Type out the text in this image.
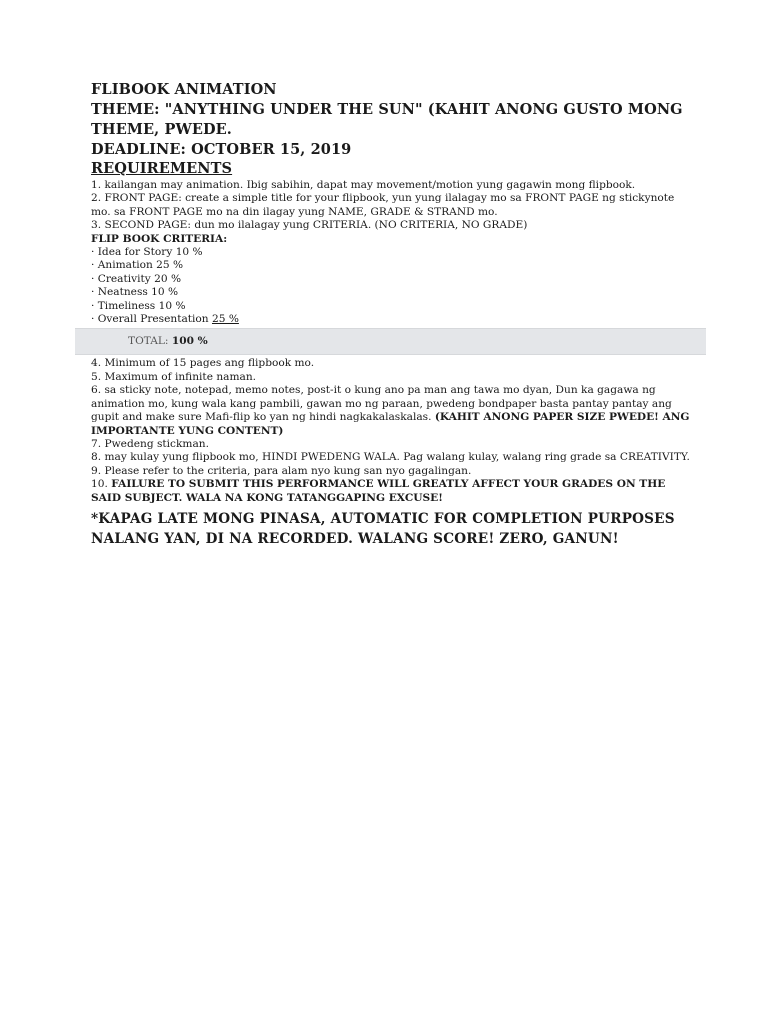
FLIBOOK ANIMATION

THEME: "ANYTHING UNDER THE SUN" (KAHIT ANONG GUSTO MONG THEME, PWEDE.

DEADLINE: OCTOBER 15, 2019

REQUIREMENTS

1. kailangan may animation. Ibig sabihin, dapat may movement/motion yung gagawin mong flipbook.

2. FRONT PAGE: create a simple title for your flipbook, yun yung ilalagay mo sa FRONT PAGE ng stickynote mo. sa FRONT PAGE mo na din ilagay yung NAME, GRADE & STRAND mo.

3. SECOND PAGE: dun mo ilalagay yung CRITERIA. (NO CRITERIA, NO GRADE)

FLIP BOOK CRITERIA:

· Idea for Story 10 %

· Animation 25 %

· Creativity 20 %

· Neatness 10 %

· Timeliness 10 %

· Overall Presentation 25 %

TOTAL: 100 %

4. Minimum of 15 pages ang flipbook mo.

5. Maximum of infinite naman.

6. sa sticky note, notepad, memo notes, post-it o kung ano pa man ang tawa mo dyan, Dun ka gagawa ng animation mo, kung wala kang pambili, gawan mo ng paraan, pwedeng bondpaper basta pantay pantay ang gupit and make sure Mafi-flip ko yan ng hindi nagkakalaskalas. (KAHIT ANONG PAPER SIZE PWEDE! ANG IMPORTANTE YUNG CONTENT)

7. Pwedeng stickman.

8. may kulay yung flipbook mo, HINDI PWEDENG WALA. Pag walang kulay, walang ring grade sa CREATIVITY.

9. Please refer to the criteria, para alam nyo kung san nyo gagalingan.

10. FAILURE TO SUBMIT THIS PERFORMANCE WILL GREATLY AFFECT YOUR GRADES ON THE SAID SUBJECT. WALA NA KONG TATANGGAPING EXCUSE!

*KAPAG LATE MONG PINASA, AUTOMATIC FOR COMPLETION PURPOSES NALANG YAN, DI NA RECORDED. WALANG SCORE! ZERO, GANUN!
